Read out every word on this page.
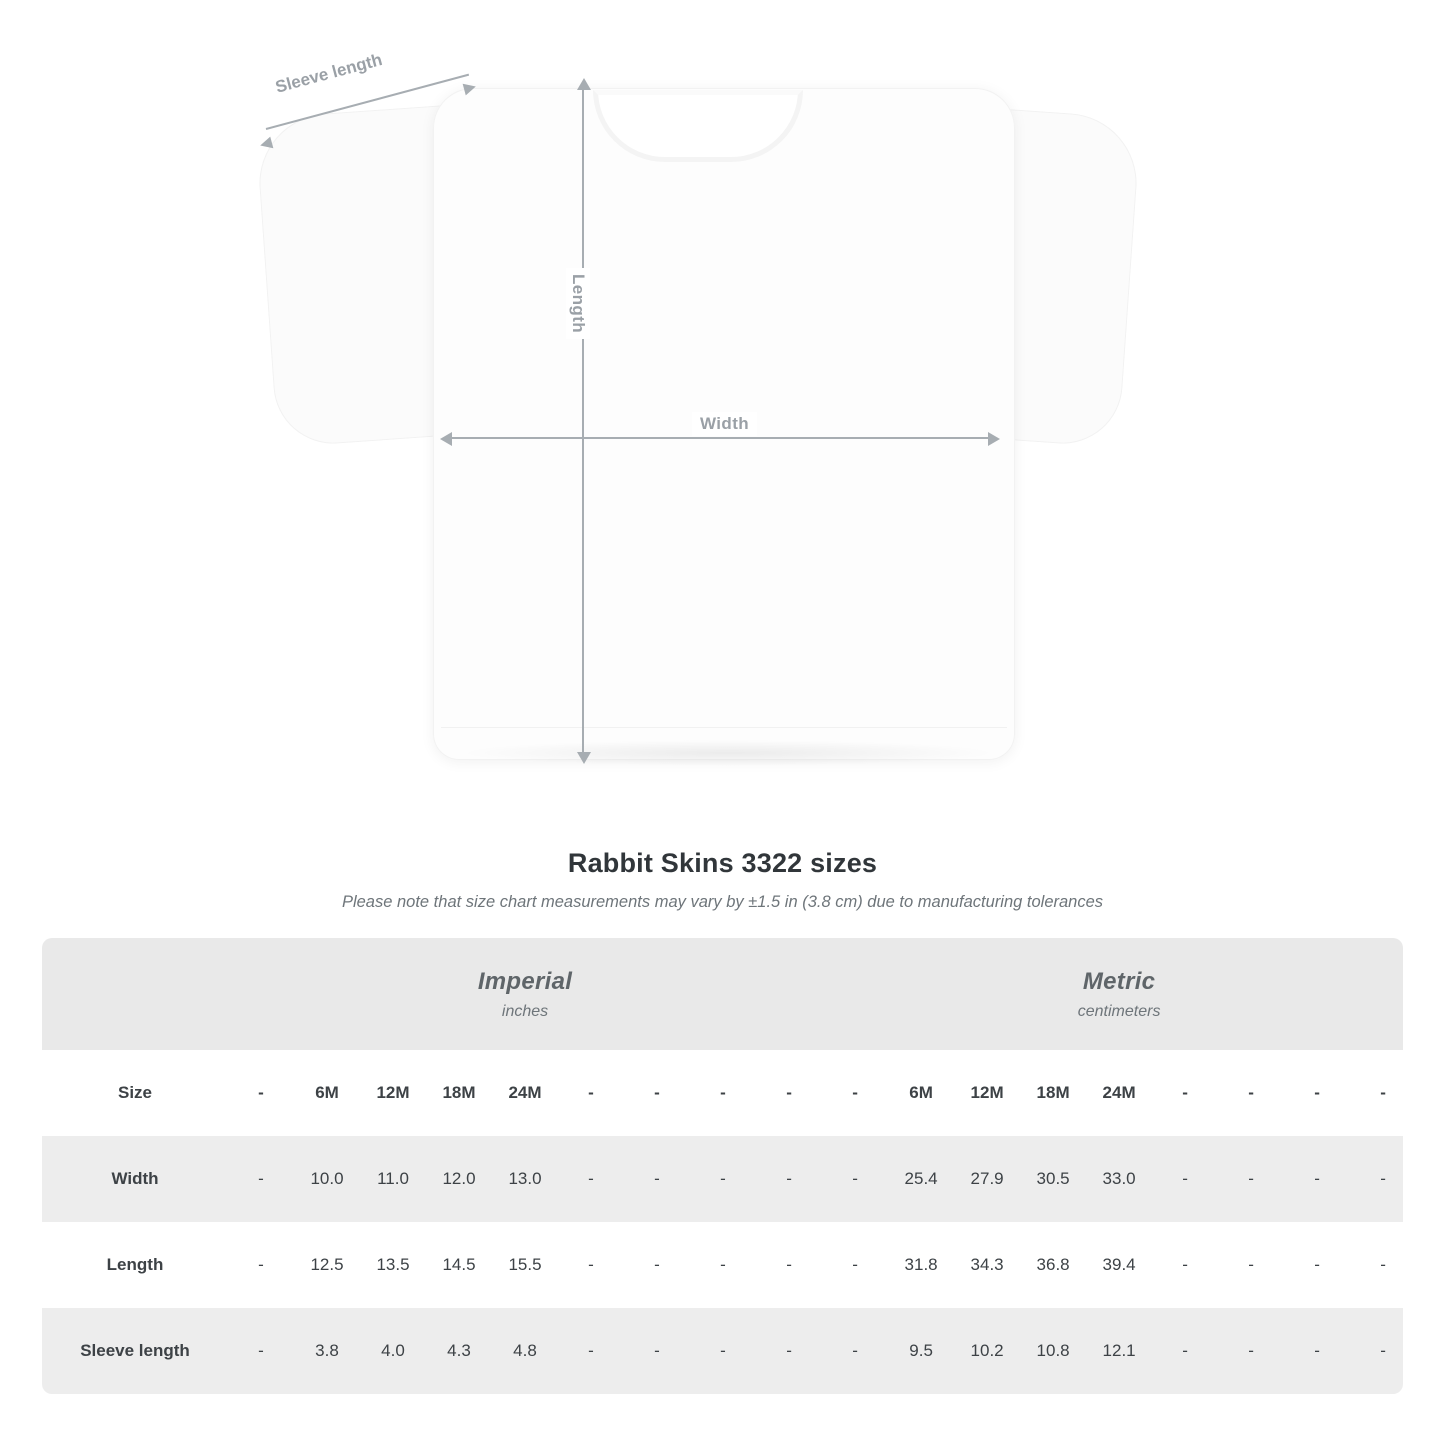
Length
Width
Sleeve length
Rabbit Skins 3322 sizes
Please note that size chart measurements may vary by ±1.5 in (3.8 cm) due to manufacturing tolerances

Imperial
inches

Metric
centimeters

Size	-	6M	12M	18M	24M	-	-	-	-	-	6M	12M	18M	24M	-	-	-	-
Width	-	10.0	11.0	12.0	13.0	-	-	-	-	-	25.4	27.9	30.5	33.0	-	-	-	-
Length	-	12.5	13.5	14.5	15.5	-	-	-	-	-	31.8	34.3	36.8	39.4	-	-	-	-
Sleeve length	-	3.8	4.0	4.3	4.8	-	-	-	-	-	9.5	10.2	10.8	12.1	-	-	-	-
